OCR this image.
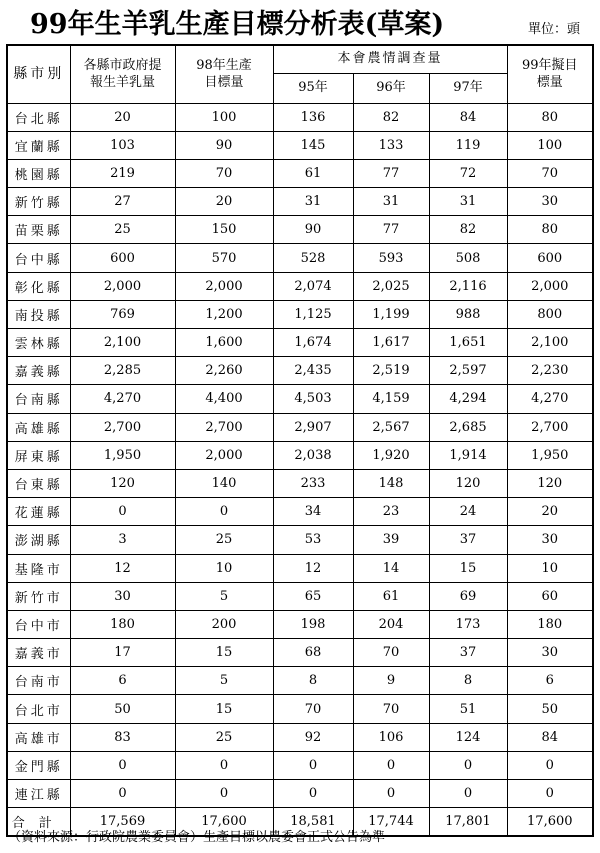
99年生羊乳生產目標分析表(草案)	單位：頭
縣市別	各縣市政府提報生羊乳量	98年生產目標量	本會農情調查量			99年擬目標量

			95年	96年	97年	
台北縣	20	100	136	82	84	80
宜蘭縣	103	90	145	133	119	100
桃園縣	219	70	61	77	72	70
新竹縣	27	20	31	31	31	30
苗栗縣	25	150	90	77	82	80
台中縣	600	570	528	593	508	600
彰化縣	2,000	2,000	2,074	2,025	2,116	2,000
南投縣	769	1,200	1,125	1,199	988	800
雲林縣	2,100	1,600	1,674	1,617	1,651	2,100
嘉義縣	2,285	2,260	2,435	2,519	2,597	2,230
台南縣	4,270	4,400	4,503	4,159	4,294	4,270
高雄縣	2,700	2,700	2,907	2,567	2,685	2,700
屏東縣	1,950	2,000	2,038	1,920	1,914	1,950
台東縣	120	140	233	148	120	120
花蓮縣	0	0	34	23	24	20
澎湖縣	3	25	53	39	37	30
基隆市	12	10	12	14	15	10
新竹市	30	5	65	61	69	60
台中市	180	200	198	204	173	180
嘉義市	17	15	68	70	37	30
台南市	6	5	8	9	8	6
台北市	50	15	70	70	51	50
高雄市	83	25	92	106	124	84
金門縣	0	0	0	0	0	0
連江縣	0	0	0	0	0	0
合計	17,569	17,600	18,581	17,744	17,801	17,600
（資料來源：行政院農業委員會）生產目標以農委會正式公告為準
